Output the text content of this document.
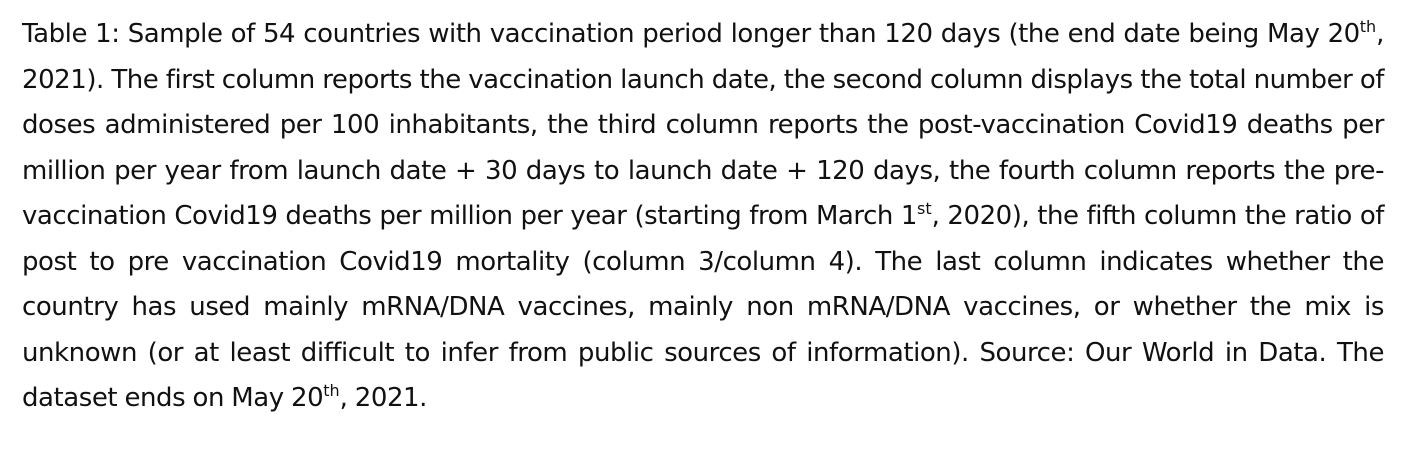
Table 1: Sample of 54 countries with vaccination period longer than 120 days (the end date being May 20th, 2021). The first column reports the vaccination launch date, the second column displays the total number of doses administered per 100 inhabitants, the third column reports the post-vaccination Covid19 deaths per million per year from launch date + 30 days to launch date + 120 days, the fourth column reports the pre-vaccination Covid19 deaths per million per year (starting from March 1st, 2020), the fifth column the ratio of post to pre vaccination Covid19 mortality (column 3/column 4). The last column indicates whether the country has used mainly mRNA/DNA vaccines, mainly non mRNA/DNA vaccines, or whether the mix is unknown (or at least difficult to infer from public sources of information). Source: Our World in Data. The dataset ends on May 20th, 2021.
